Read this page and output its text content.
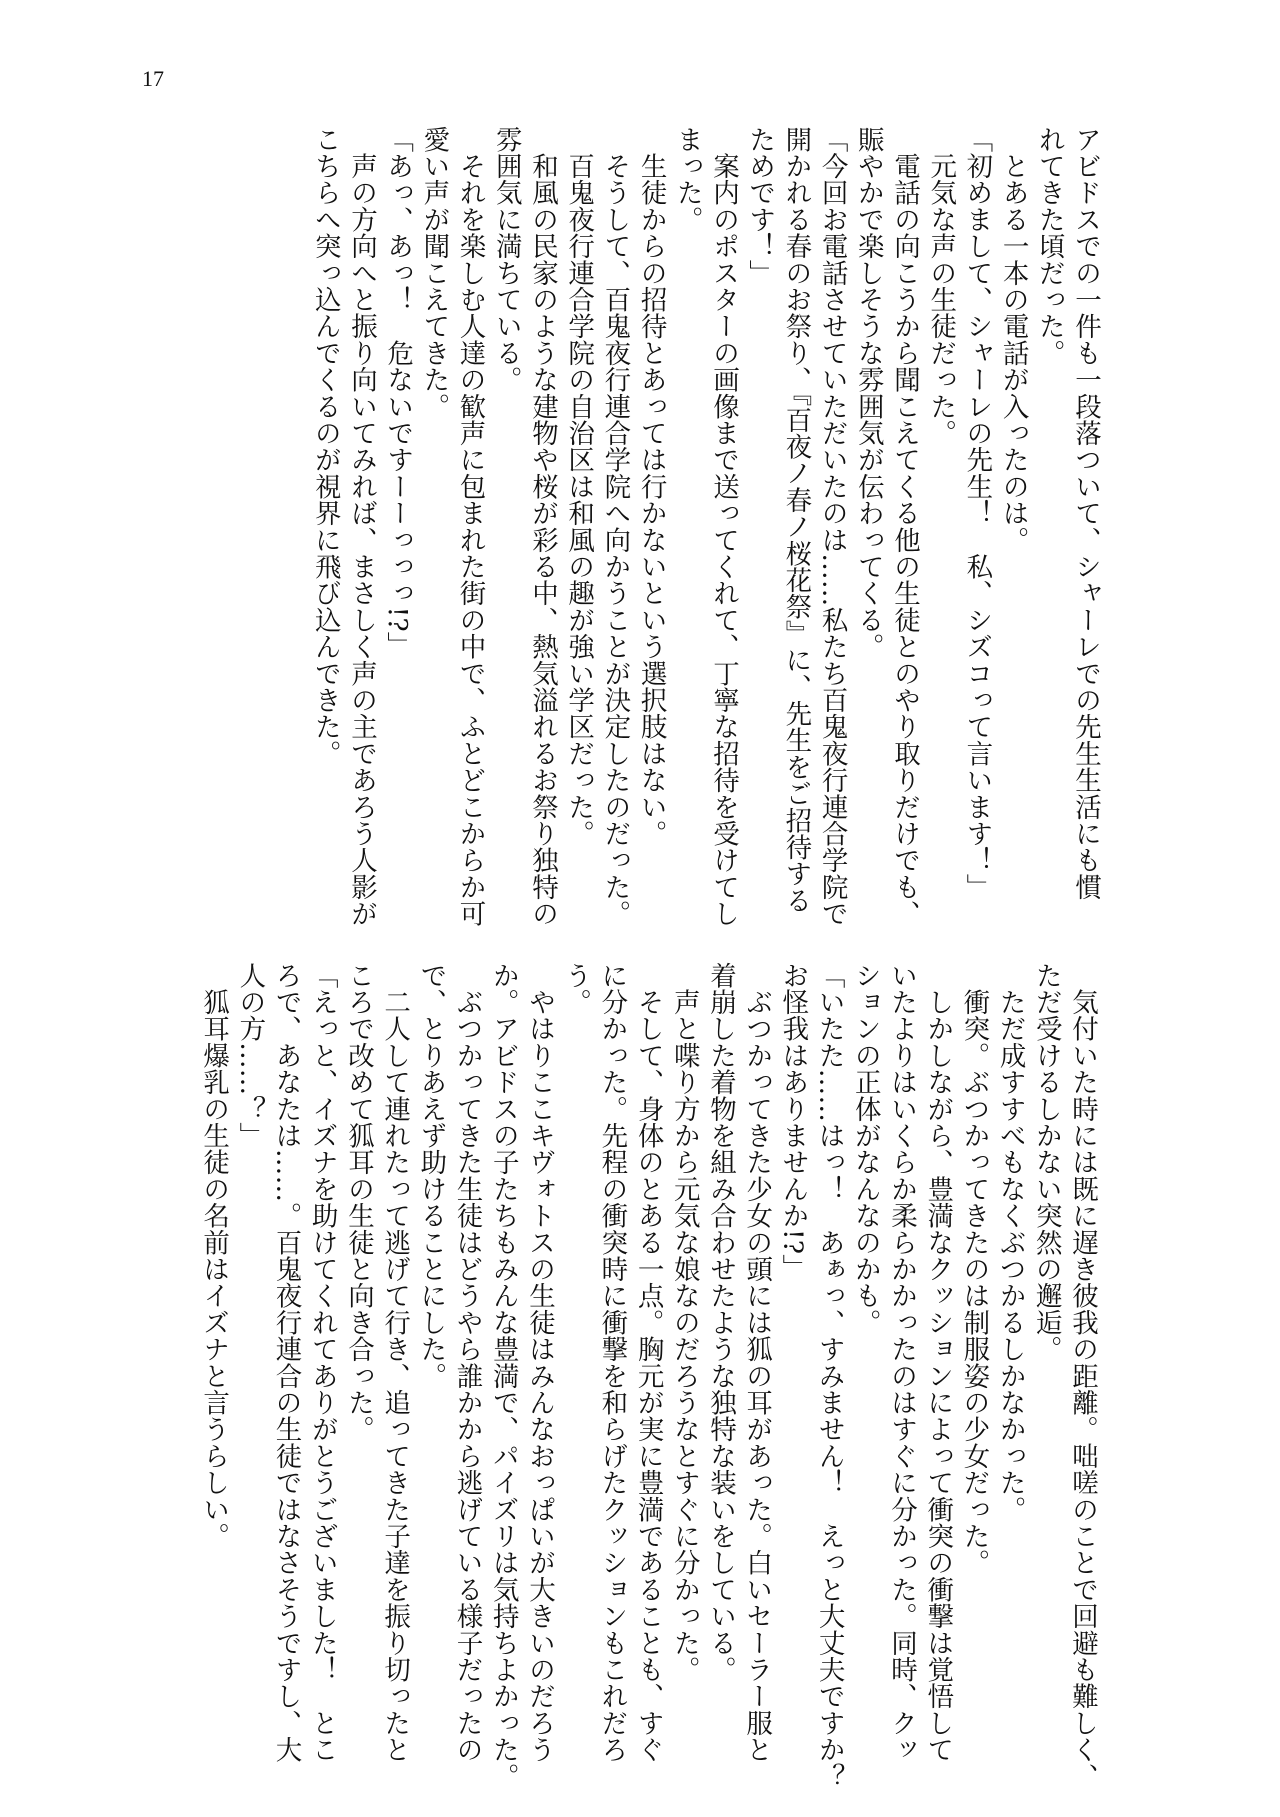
17

アビドスでの一件も一段落ついて、シャーレでの先生生活にも慣

れてきた頃だった。

　とある一本の電話が入ったのは。

「初めまして、シャーレの先生！　私、シズコって言います！」

　元気な声の生徒だった。

　電話の向こうから聞こえてくる他の生徒とのやり取りだけでも、

賑やかで楽しそうな雰囲気が伝わってくる。

「今回お電話させていただいたのは……私たち百鬼夜行連合学院で

開かれる春のお祭り、『百夜ノ春ノ桜花祭』に、先生をご招待する

ためです！」

　案内のポスターの画像まで送ってくれて、丁寧な招待を受けてし

まった。

　生徒からの招待とあっては行かないという選択肢はない。

　そうして、百鬼夜行連合学院へ向かうことが決定したのだった。

　百鬼夜行連合学院の自治区は和風の趣が強い学区だった。

　和風の民家のような建物や桜が彩る中、熱気溢れるお祭り独特の

雰囲気に満ちている。

　それを楽しむ人達の歓声に包まれた街の中で、ふとどこからか可

愛い声が聞こえてきた。

「あっ、あっ！　危ないですーーっっっ!?」

　声の方向へと振り向いてみれば、まさしく声の主であろう人影が

こちらへ突っ込んでくるのが視界に飛び込んできた。

　気付いた時には既に遅き彼我の距離。咄嗟のことで回避も難しく、

ただ受けるしかない突然の邂逅。

　ただ成すすべもなくぶつかるしかなかった。

　衝突。ぶつかってきたのは制服姿の少女だった。

　しかしながら、豊満なクッションによって衝突の衝撃は覚悟して

いたよりはいくらか柔らかかったのはすぐに分かった。同時、クッ

ションの正体がなんなのかも。

「いたた……はっ！　あぁっ、すみません！　えっと大丈夫ですか？

お怪我はありませんか!?」

　ぶつかってきた少女の頭には狐の耳があった。白いセーラー服と

着崩した着物を組み合わせたような独特な装いをしている。

　声と喋り方から元気な娘なのだろうなとすぐに分かった。

　そして、身体のとある一点。胸元が実に豊満であることも、すぐ

に分かった。先程の衝突時に衝撃を和らげたクッションもこれだろ

う。

　やはりここキヴォトスの生徒はみんなおっぱいが大きいのだろう

か。アビドスの子たちもみんな豊満で、パイズリは気持ちよかった。

　ぶつかってきた生徒はどうやら誰かから逃げている様子だったの

で、とりあえず助けることにした。

　二人して連れたって逃げて行き、追ってきた子達を振り切ったと

ころで改めて狐耳の生徒と向き合った。

「えっと、イズナを助けてくれてありがとうございました！　とこ

ろで、あなたは……。百鬼夜行連合の生徒ではなさそうですし、大

人の方……？」

　狐耳爆乳の生徒の名前はイズナと言うらしい。
